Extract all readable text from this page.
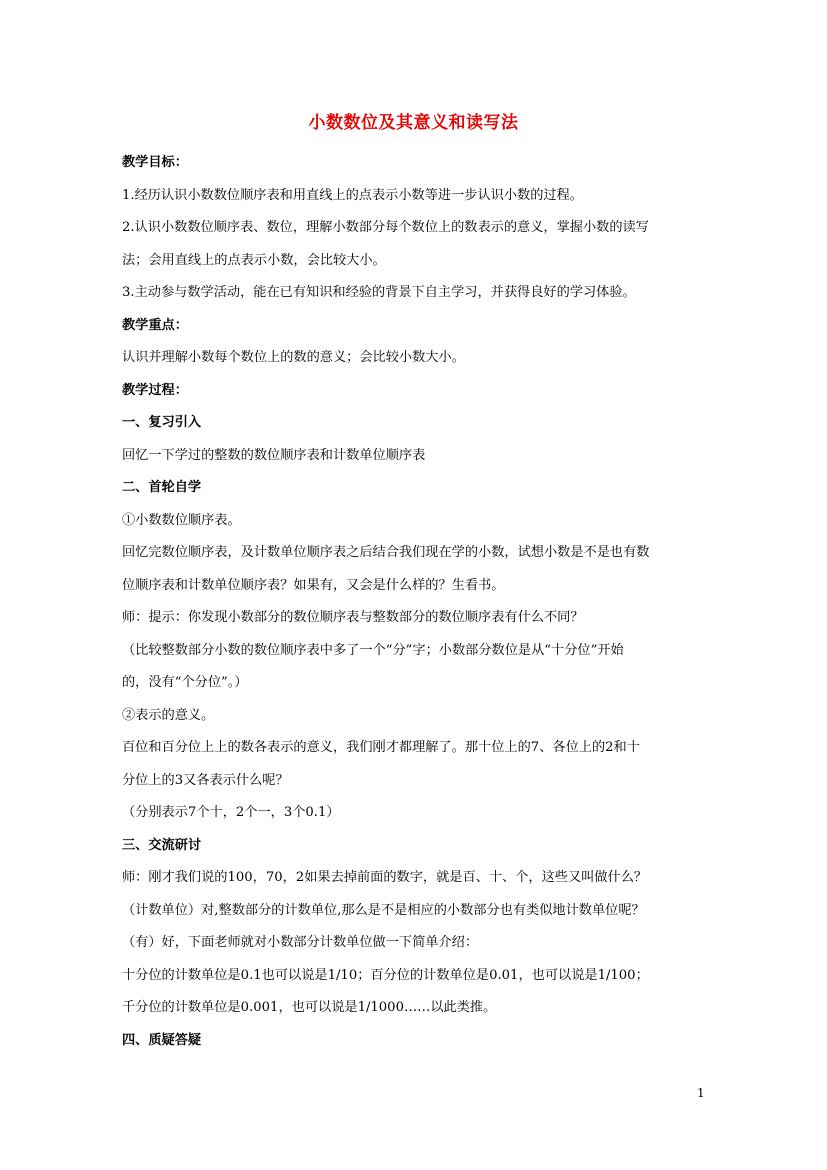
小数数位及其意义和读写法

教学目标：

1.经历认识小数数位顺序表和用直线上的点表示小数等进一步认识小数的过程。

2.认识小数数位顺序表、数位，理解小数部分每个数位上的数表示的意义，掌握小数的读写

法；会用直线上的点表示小数，会比较大小。

3.主动参与数学活动，能在已有知识和经验的背景下自主学习，并获得良好的学习体验。

教学重点：

认识并理解小数每个数位上的数的意义；会比较小数大小。

教学过程：

一、复习引入

回忆一下学过的整数的数位顺序表和计数单位顺序表

二、首轮自学

①小数数位顺序表。

回忆完数位顺序表，及计数单位顺序表之后结合我们现在学的小数，试想小数是不是也有数

位顺序表和计数单位顺序表？如果有，又会是什么样的？生看书。

师：提示：你发现小数部分的数位顺序表与整数部分的数位顺序表有什么不同？

（比较整数部分小数的数位顺序表中多了一个“分”字；小数部分数位是从“十分位”开始

的，没有“个分位”。）

②表示的意义。

百位和百分位上上的数各表示的意义，我们刚才都理解了。那十位上的7、各位上的2和十

分位上的3又各表示什么呢？

（分别表示7个十，2个一，3个0.1）

三、交流研讨

师：刚才我们说的100，70，2如果去掉前面的数字，就是百、十、个，这些又叫做什么？

（计数单位）对,整数部分的计数单位,那么是不是相应的小数部分也有类似地计数单位呢？

（有）好，下面老师就对小数部分计数单位做一下简单介绍：

十分位的计数单位是0.1也可以说是1/10；百分位的计数单位是0.01，也可以说是1/100；

千分位的计数单位是0.001，也可以说是1/1000……以此类推。

四、质疑答疑

1
